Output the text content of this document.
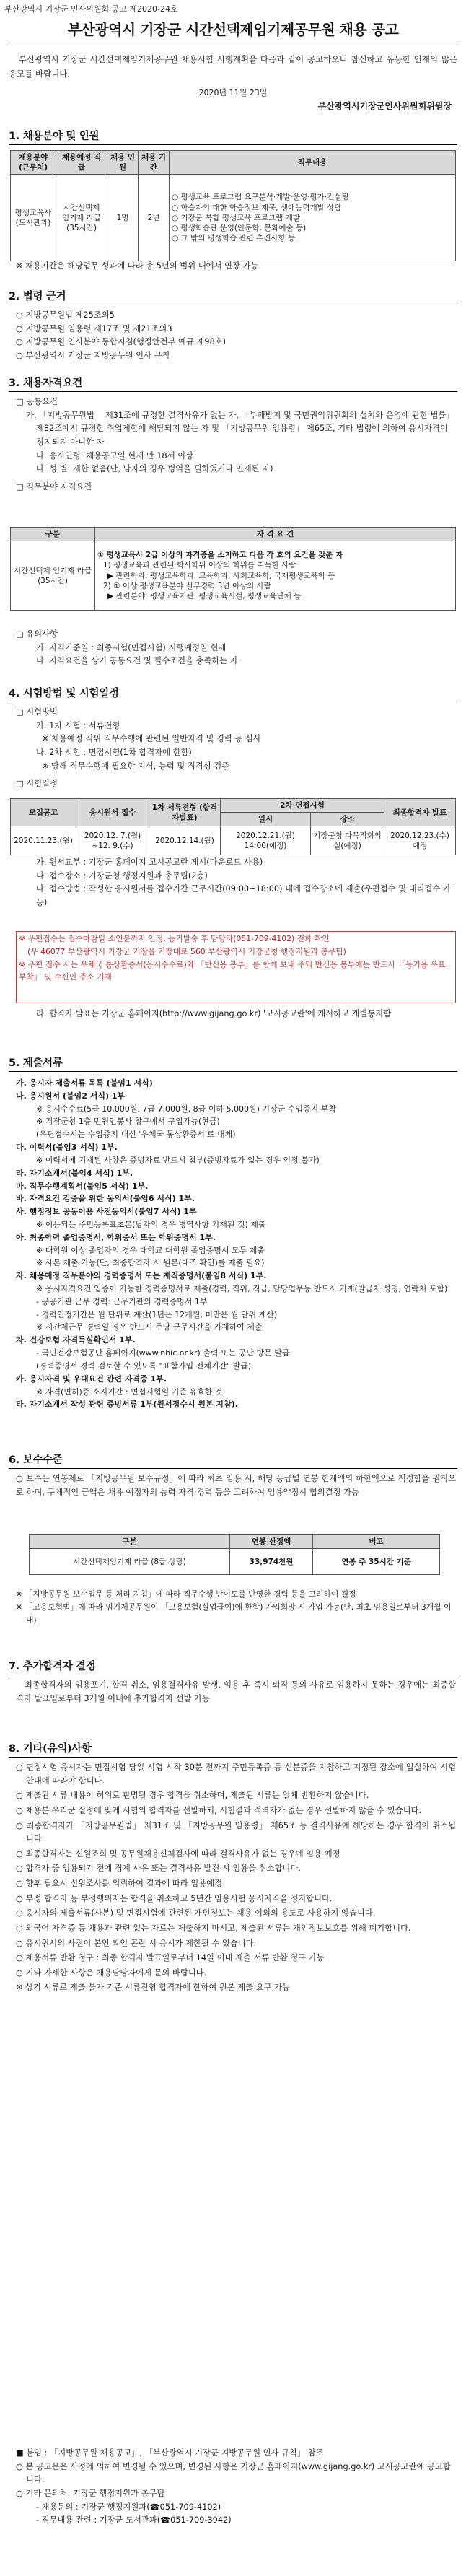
부산광역시 기장군 인사위원회 공고 제2020-24호
부산광역시 기장군 시간선택제임기제공무원 채용 공고
부산광역시 기장군 시간선택제임기제공무원 채용시험 시행계획을 다음과 같이 공고하오니 참신하고 유능한 인재의 많은 응모를 바랍니다.
2020년 11월 23일
부산광역시기장군인사위원회위원장
1. 채용분야 및 인원
채용분야 (근무처)	채용예정 직 급	채용 인원	채용 기간	직무내용
평생교육사 (도서관과)	시간선택제 임기제 라급 (35시간)	1명	2년	○ 평생교육 프로그램 요구분석·개발·운영·평가·컨설팅
○ 학습자의 대한 학습정보 제공, 생애능력개발 상담
○ 기장군 복합 평생교육 프로그램 개발
○ 평생학습관 운영(인문학, 문화예술 등)
○ 그 밖의 평생학습 관련 추진사항 등
※ 채용기간은 해당업무 성과에 따라 총 5년의 범위 내에서 연장 가능
2. 법령 근거

○ 지방공무원법 제25조의5

○ 지방공무원 임용령 제17조 및 제21조의3

○ 지방공무원 인사분야 통합지침(행정안전부 예규 제98호)

○ 부산광역시 기장군 지방공무원 인사 규칙

3. 채용자격요건

□ 공통요건

가. 「지방공무원법」 제31조에 규정한 결격사유가 없는 자, 「부패방지 및 국민권익위원회의 설치와 운영에 관한 법률」 제82조에서 규정한 취업제한에 해당되지 않는 자 및 「지방공무원 임용령」 제65조, 기타 법령에 의하여 응시자격이 정지되지 아니한 자

나. 응시연령: 채용공고일 현재 만 18세 이상

다. 성 별: 제한 없음(단, 남자의 경우 병역을 필하였거나 면제된 자)

□ 직무분야 자격요건

구분	자 격 요 건
시간선택제 임기제 라급 (35시간)	① 평생교육사 2급 이상의 자격증을 소지하고 다음 각 호의 요건을 갖춘 자
1) 평생교육과 관련된 학사학위 이상의 학위를 취득한 사람
▶ 관련학과: 평생교육학과, 교육학과, 사회교육학, 국제평생교육학 등
2) ① 이상 평생교육분야 실무경력 3년 이상의 사람
▶ 관련분야: 평생교육기관, 평생교육시설, 평생교육단체 등

□ 유의사항

가. 자격기준일 : 최종시험(면접시험) 시행예정일 현재

나. 자격요건을 상기 공통요건 및 필수조건을 충족하는 자

4. 시험방법 및 시험일정

□ 시험방법

가. 1차 시험 : 서류전형

※ 채용예정 직위 직무수행에 관련된 일반자격 및 경력 등 심사

나. 2차 시험 : 면접시험(1차 합격자에 한함)

※ 당해 직무수행에 필요한 지식, 능력 및 적격성 검증

□ 시험일정

모집공고	응시원서 접수	1차 서류전형 (합격자발표)	2차 면접시험		최종합격자 발표
			일시	장소	
2020.11.23.(월)	2020.12. 7.(월) ~12. 9.(수)	2020.12.14.(월)	2020.12.21.(월) 14:00(예정)	기장군청 다목적회의실(예정)	2020.12.23.(수) 예정

가. 원서교부 : 기장군 홈페이지 고시공고란 게시(다운로드 사용)

나. 접수장소 : 기장군청 행정지원과 총무팀(2층)

다. 접수방법 : 작성한 응시원서를 접수기간 근무시간(09:00~18:00) 내에 접수장소에 제출(우편접수 및 대리접수 가능)

※ 우편접수는 접수마감일 소인분까지 인정, 등기발송 후 담당자(051-709-4102) 전화 확인

(우 46077 부산광역시 기장군 기장읍 기장대로 560 부산광역시 기장군청 행정지원과 총무팀)

※ 우편 접수 시는 우체국 통상환증서(응시수수료)와 「반신용 봉투」를 함께 보내 주되 반신용 봉투에는 반드시 「등기용 우표 부착」 및 수신인 주소 기재

라. 합격자 발표는 기장군 홈페이지(http://www.gijang.go.kr) '고시공고란'에 게시하고 개별통지함

5. 제출서류

가. 응시자 제출서류 목록 (붙임1 서식)

나. 응시원서 (붙임2 서식) 1부

※ 응시수수료(5급 10,000원, 7급 7,000원, 8급 이하 5,000원) 기장군 수입증지 부착

※ 기장군청 1층 민원인봉사 창구에서 구입가능(현금)

(우편접수시는 수입증지 대신 '우체국 통상환증서'로 대체)

다. 이력서(붙임3 서식) 1부.

※ 이력서에 기재된 사항은 증빙자료 반드시 첨부(증빙자료가 없는 경우 인정 불가)

라. 자기소개서(붙임4 서식) 1부.

마. 직무수행계획서(붙임5 서식) 1부.

바. 자격요건 검증을 위한 동의서(붙임6 서식) 1부.

사. 행정정보 공동이용 사전동의서(붙임7 서식) 1부

※ 이용되는 주민등록표초본(남자의 경우 병역사항 기재된 것) 제출

아. 최종학력 졸업증명서, 학위증서 또는 학위증명서 1부.

※ 대학원 이상 졸업자의 경우 대학교 대학원 졸업증명서 모두 제출

※ 사본 제출 가능(단, 최종합격자 시 원본(대조 확인)를 제출 필요)

자. 채용예정 직무분야의 경력증명서 또는 재직증명서(붙임8 서식) 1부.

※ 응시자격요건 입증이 가능한 경력증명서로 제출(경력, 직위, 직급, 담당업무등 반드시 기재(발급처 성명, 연락처 포함)

- 공공기관 근무 경력: 근무기관의 경력증명서 1부

- 경력인정기간은 월 단위로 계산(1년은 12개월, 미만은 월 단위 계산)

※ 시간제근무 경력일 경우 반드시 주당 근무시간을 기재하여 제출

차. 건강보험 자격득실확인서 1부.

- 국민건강보험공단 홈페이지(www.nhic.or.kr) 출력 또는 공단 방문 발급

(경력증명서 경력 검토할 수 있도록 "표함가입 전체기간" 발급)

카. 응시자격 및 우대요건 관련 자격증 1부.

※ 자격(면허)증 소지기간 : 면접시험일 기준 유효한 것

타. 자기소개서 작성 관련 증빙서류 1부(원서접수시 원본 지참).

6. 보수수준
○ 보수는 연봉제로 「지방공무원 보수규정」에 따라 최초 임용 시, 해당 등급별 연봉 한계액의 하한액으로 책정함을 원칙으로 하며, 구체적인 금액은 채용 예정자의 능력·자격·경력 등을 고려하여 임용약정시 협의결정 가능
구분	연봉 산정액	비고
시간선택제임기제 라급 (8급 상당)	33,974천원	연봉 주 35시간 기준

※ 「지방공무원 보수업무 등 처리 지침」에 따라 직무수행 난이도를 반영한 경력 등을 고려하여 결정

※ 「고용보험법」에 따라 임기제공무원이 「고용보험(실업급여)에 한함) 가입희망 시 가입 가능(단, 최초 임용일로부터 3개월 이내)

7. 추가합격자 결정
최종합격자의 임용포기, 합격 취소, 임용결격사유 발생, 임용 후 즉시 퇴직 등의 사유로 임용하지 못하는 경우에는 최종합격자 발표일로부터 3개월 이내에 추가합격자 선발 가능
8. 기타(유의)사항

○ 면접시험 응시자는 면접시험 당일 시험 시작 30분 전까지 주민등록증 등 신분증을 지참하고 지정된 장소에 입실하여 시험안내에 따라야 합니다.

○ 제출된 서류 내용이 허위로 판명될 경우 합격을 취소하며, 제출된 서류는 일체 반환하지 않습니다.

○ 채용분 우리군 실정에 맞게 시험의 합격자를 선발하되, 시험결과 적격자가 없는 경우 선발하지 않을 수 있습니다.

○ 최종합격자가 「지방공무원법」 제31조 및 「지방공무원 임용령」 제65조 등 결격사유에 해당하는 경우 합격이 취소됩니다.

○ 최종합격자는 신원조회 및 공무원채용신체검사에 따라 결격사유가 없는 경우에 임용 예정

○ 합격자 중 임용되기 전에 징계 사유 또는 결격사유 발견 시 임용을 취소합니다.

○ 향후 필요시 신원조사를 의뢰하여 결과에 따라 임용예정

○ 부정 합격자 등 부정행위자는 합격을 취소하고 5년간 임용시험 응시자격을 정지합니다.

○ 응시자의 제출서류(사본) 및 면접시험에 관련된 개인정보는 채용 이외의 용도로 사용하지 않습니다.

○ 외국어 자격증 등 채용과 관련 없는 자료는 제출하지 마시고, 제출된 서류는 개인정보보호를 위해 폐기합니다.

○ 응시원서의 사진이 본인 확인 곤란 시 응시가 제한될 수 있습니다.

○ 채용서류 반환 청구 : 최종 합격자 발표일로부터 14일 이내 제출 서류 반환 청구 가능

○ 기타 자세한 사항은 채용담당자에게 문의 바랍니다.

※ 상기 서류로 제출 불가 기준 서류전형 합격자에 한하여 원본 제출 요구 가능

■ 붙임 : 「지방공무원 채용공고」, 「부산광역시 기장군 지방공무원 인사 규칙」 참조

○ 본 공고문은 사정에 의하여 변경될 수 있으며, 변경된 사항은 기장군 홈페이지(www.gijang.go.kr) 고시공고란에 공고합니다.

○ 기타 문의처: 기장군 행정지원과 총무팀

- 채용문의 : 기장군 행정지원과(☎051-709-4102)

- 직무내용 관련 : 기장군 도서관과(☎051-709-3942)
